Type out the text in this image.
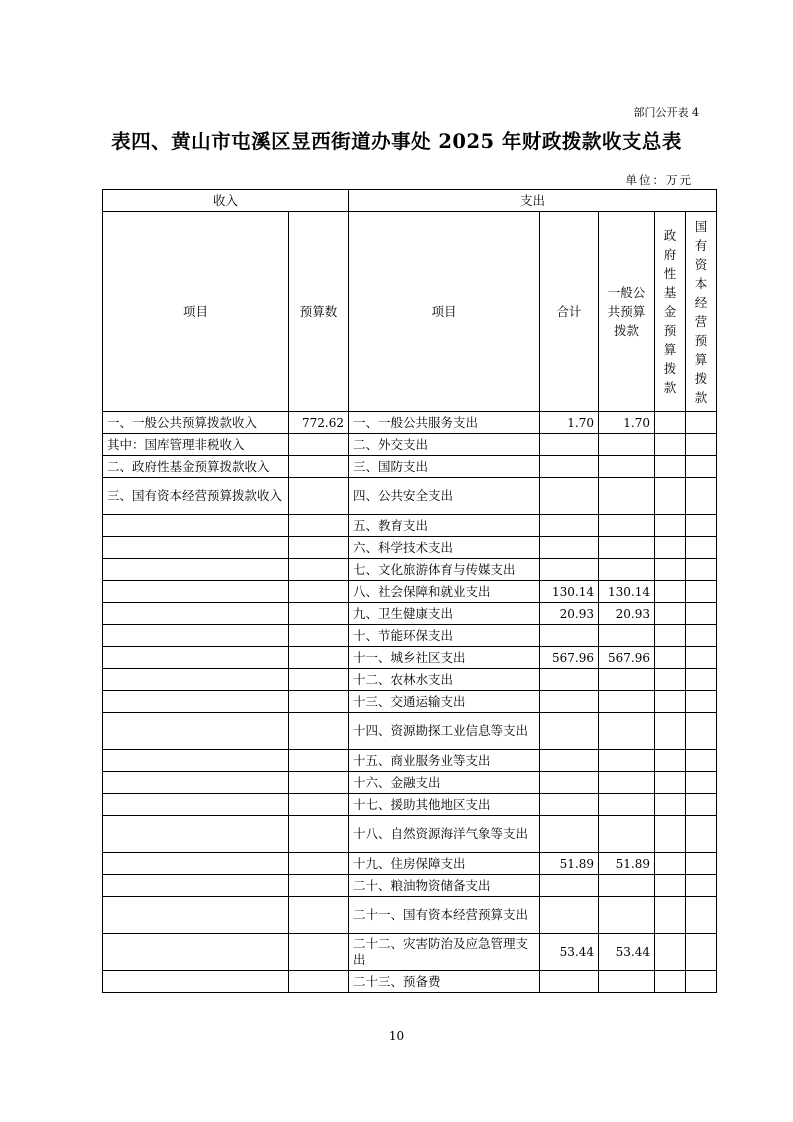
部门公开表 4
表四、黄山市屯溪区昱西街道办事处 2025 年财政拨款收支总表
单位：万元
收入		支出				
项目	预算数	项目	合计	一般公共预算拨款	政府性基金预算拨款	国有资本经营预算拨款

一、一般公共预算拨款收入	772.62	一、一般公共服务支出	1.70	1.70		
其中：国库管理非税收入		二、外交支出				
二、政府性基金预算拨款收入		三、国防支出				
三、国有资本经营预算拨款收入		四、公共安全支出				
		五、教育支出				
		六、科学技术支出				
		七、文化旅游体育与传媒支出				
		八、社会保障和就业支出	130.14	130.14		
		九、卫生健康支出	20.93	20.93		
		十、节能环保支出				
		十一、城乡社区支出	567.96	567.96		
		十二、农林水支出				
		十三、交通运输支出				
		十四、资源勘探工业信息等支出				
		十五、商业服务业等支出				
		十六、金融支出				
		十七、援助其他地区支出				
		十八、自然资源海洋气象等支出				
		十九、住房保障支出	51.89	51.89		
		二十、粮油物资储备支出				
		二十一、国有资本经营预算支出				
		二十二、灾害防治及应急管理支出	53.44	53.44		
		二十三、预备费				
10
